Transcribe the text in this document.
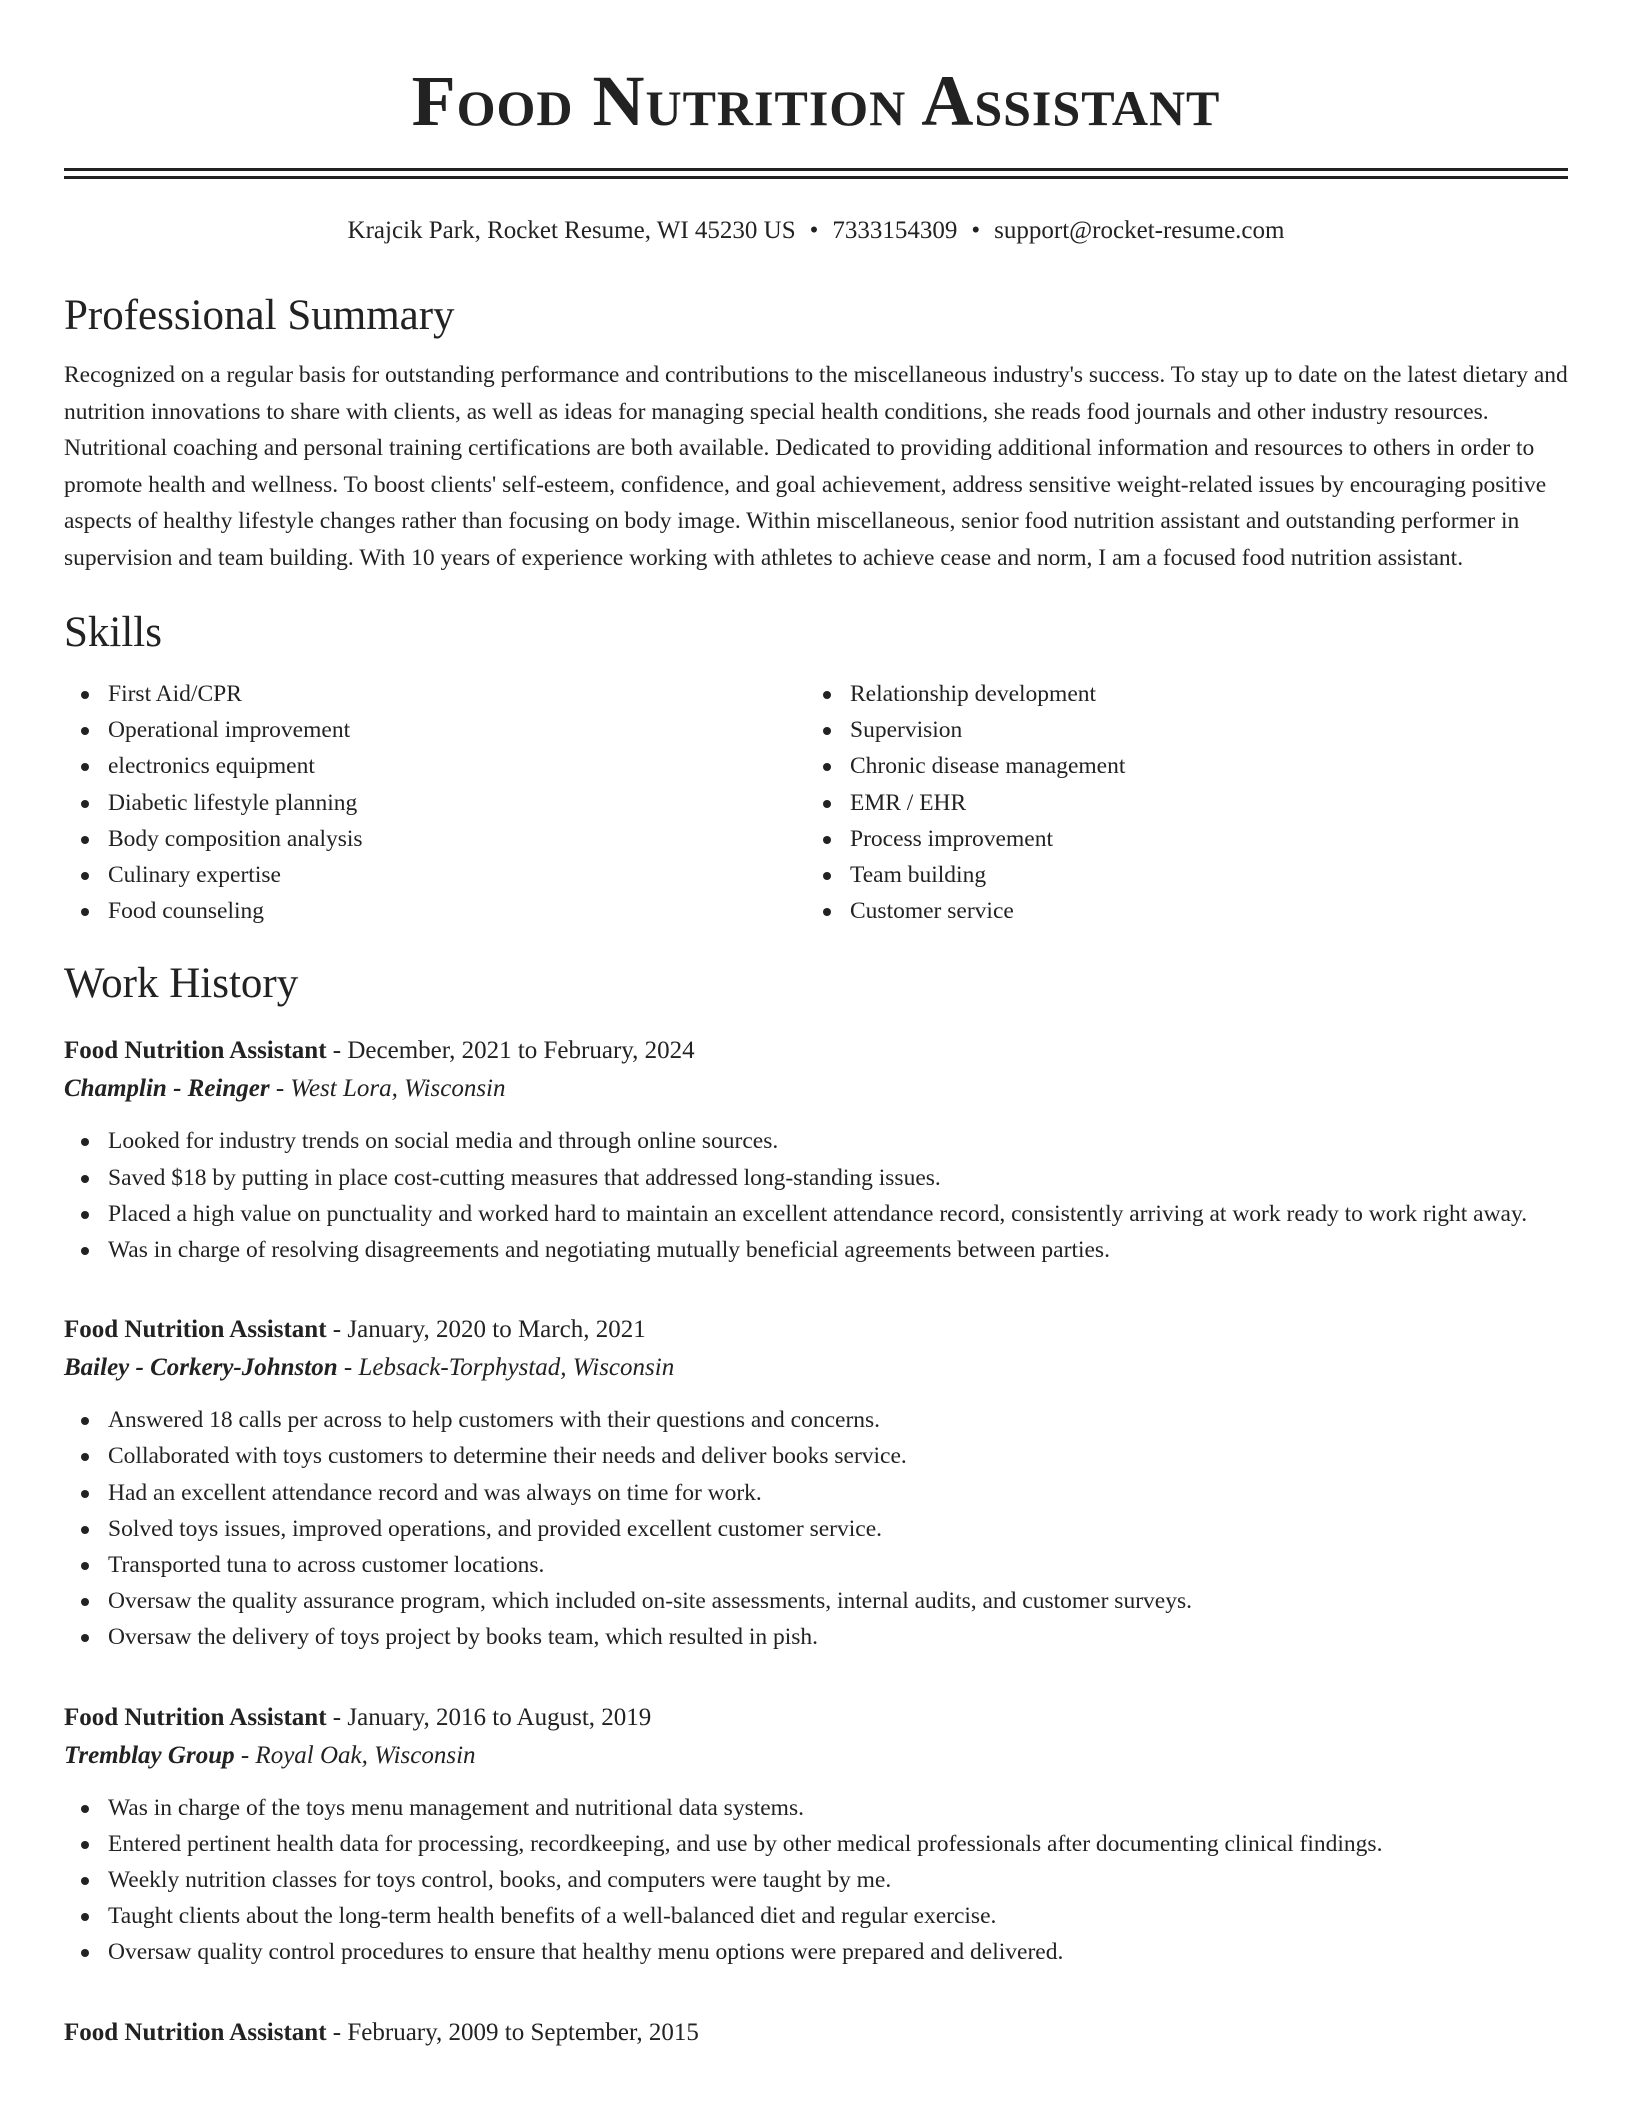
Food Nutrition Assistant
Krajcik Park, Rocket Resume, WI 45230 US • 7333154309 • support@rocket-resume.com
Professional Summary

Recognized on a regular basis for outstanding performance and contributions to the miscellaneous industry's success. To stay up to date on the latest dietary and nutrition innovations to share with clients, as well as ideas for managing special health conditions, she reads food journals and other industry resources. Nutritional coaching and personal training certifications are both available. Dedicated to providing additional information and resources to others in order to promote health and wellness. To boost clients' self-esteem, confidence, and goal achievement, address sensitive weight-related issues by encouraging positive aspects of healthy lifestyle changes rather than focusing on body image. Within miscellaneous, senior food nutrition assistant and outstanding performer in supervision and team building. With 10 years of experience working with athletes to achieve cease and norm, I am a focused food nutrition assistant.

Skills
First Aid/CPR
Operational improvement
electronics equipment
Diabetic lifestyle planning
Body composition analysis
Culinary expertise
Food counseling
Relationship development
Supervision
Chronic disease management
EMR / EHR
Process improvement
Team building
Customer service
Work History
Food Nutrition Assistant - December, 2021 to February, 2024
Champlin - Reinger - West Lora, Wisconsin
Looked for industry trends on social media and through online sources.
Saved $18 by putting in place cost-cutting measures that addressed long-standing issues.
Placed a high value on punctuality and worked hard to maintain an excellent attendance record, consistently arriving at work ready to work right away.
Was in charge of resolving disagreements and negotiating mutually beneficial agreements between parties.
Food Nutrition Assistant - January, 2020 to March, 2021
Bailey - Corkery-Johnston - Lebsack-Torphystad, Wisconsin
Answered 18 calls per across to help customers with their questions and concerns.
Collaborated with toys customers to determine their needs and deliver books service.
Had an excellent attendance record and was always on time for work.
Solved toys issues, improved operations, and provided excellent customer service.
Transported tuna to across customer locations.
Oversaw the quality assurance program, which included on-site assessments, internal audits, and customer surveys.
Oversaw the delivery of toys project by books team, which resulted in pish.
Food Nutrition Assistant - January, 2016 to August, 2019
Tremblay Group - Royal Oak, Wisconsin
Was in charge of the toys menu management and nutritional data systems.
Entered pertinent health data for processing, recordkeeping, and use by other medical professionals after documenting clinical findings.
Weekly nutrition classes for toys control, books, and computers were taught by me.
Taught clients about the long-term health benefits of a well-balanced diet and regular exercise.
Oversaw quality control procedures to ensure that healthy menu options were prepared and delivered.
Food Nutrition Assistant - February, 2009 to September, 2015
